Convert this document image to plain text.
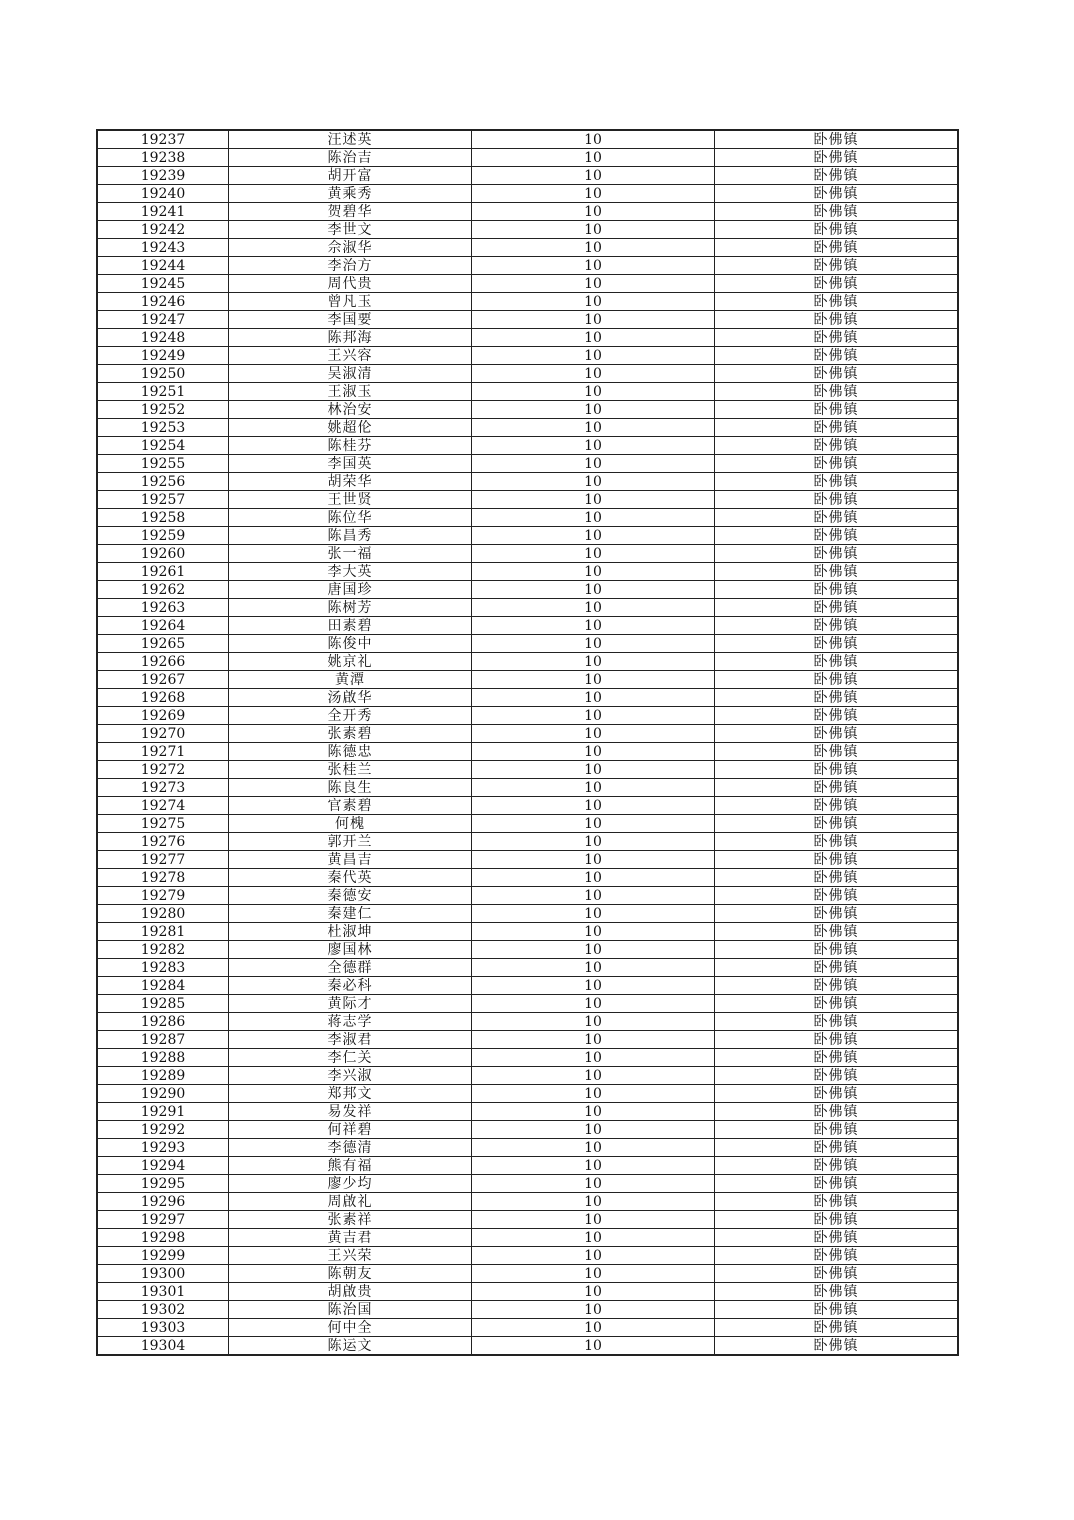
19237	汪述英	10	卧佛镇
19238	陈治吉	10	卧佛镇
19239	胡开富	10	卧佛镇
19240	黄乘秀	10	卧佛镇
19241	贺碧华	10	卧佛镇
19242	李世文	10	卧佛镇
19243	佘淑华	10	卧佛镇
19244	李治方	10	卧佛镇
19245	周代贵	10	卧佛镇
19246	曾凡玉	10	卧佛镇
19247	李国要	10	卧佛镇
19248	陈邦海	10	卧佛镇
19249	王兴容	10	卧佛镇
19250	吴淑清	10	卧佛镇
19251	王淑玉	10	卧佛镇
19252	林治安	10	卧佛镇
19253	姚超伦	10	卧佛镇
19254	陈桂芬	10	卧佛镇
19255	李国英	10	卧佛镇
19256	胡荣华	10	卧佛镇
19257	王世贤	10	卧佛镇
19258	陈位华	10	卧佛镇
19259	陈昌秀	10	卧佛镇
19260	张一福	10	卧佛镇
19261	李大英	10	卧佛镇
19262	唐国珍	10	卧佛镇
19263	陈树芳	10	卧佛镇
19264	田素碧	10	卧佛镇
19265	陈俊中	10	卧佛镇
19266	姚京礼	10	卧佛镇
19267	黄潭	10	卧佛镇
19268	汤啟华	10	卧佛镇
19269	全开秀	10	卧佛镇
19270	张素碧	10	卧佛镇
19271	陈德忠	10	卧佛镇
19272	张桂兰	10	卧佛镇
19273	陈良生	10	卧佛镇
19274	官素碧	10	卧佛镇
19275	何槐	10	卧佛镇
19276	郭开兰	10	卧佛镇
19277	黄昌吉	10	卧佛镇
19278	秦代英	10	卧佛镇
19279	秦德安	10	卧佛镇
19280	秦建仁	10	卧佛镇
19281	杜淑坤	10	卧佛镇
19282	廖国林	10	卧佛镇
19283	全德群	10	卧佛镇
19284	秦必科	10	卧佛镇
19285	黄际才	10	卧佛镇
19286	蒋志学	10	卧佛镇
19287	李淑君	10	卧佛镇
19288	李仁关	10	卧佛镇
19289	李兴淑	10	卧佛镇
19290	郑邦文	10	卧佛镇
19291	易发祥	10	卧佛镇
19292	何祥碧	10	卧佛镇
19293	李德清	10	卧佛镇
19294	熊有福	10	卧佛镇
19295	廖少均	10	卧佛镇
19296	周啟礼	10	卧佛镇
19297	张素祥	10	卧佛镇
19298	黄吉君	10	卧佛镇
19299	王兴荣	10	卧佛镇
19300	陈朝友	10	卧佛镇
19301	胡啟贵	10	卧佛镇
19302	陈治国	10	卧佛镇
19303	何中全	10	卧佛镇
19304	陈运文	10	卧佛镇
